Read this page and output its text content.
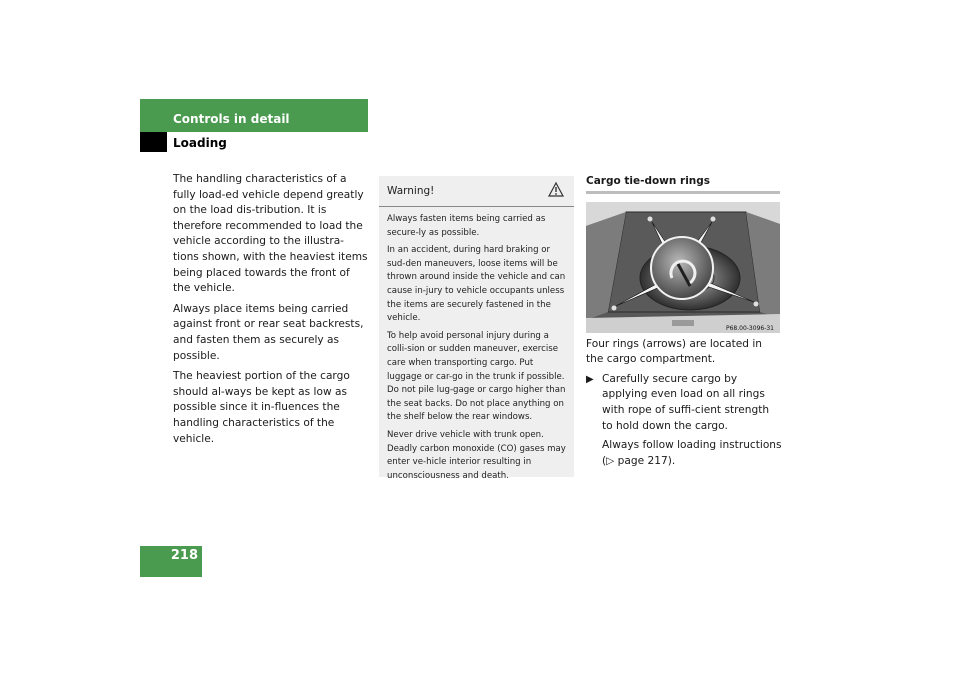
Controls in detail
Loading

The handling characteristics of a fully load-ed vehicle depend greatly on the load dis-tribution. It is therefore recommended to load the vehicle according to the illustra-tions shown, with the heaviest items being placed towards the front of the vehicle.

Always place items being carried against front or rear seat backrests, and fasten them as securely as possible.

The heaviest portion of the cargo should al-ways be kept as low as possible since it in-fluences the handling characteristics of the vehicle.

Warning!

Always fasten items being carried as secure-ly as possible.

In an accident, during hard braking or sud-den maneuvers, loose items will be thrown around inside the vehicle and can cause in-jury to vehicle occupants unless the items are securely fastened in the vehicle.

To help avoid personal injury during a colli-sion or sudden maneuver, exercise care when transporting cargo. Put luggage or car-go in the trunk if possible. Do not pile lug-gage or cargo higher than the seat backs. Do not place anything on the shelf below the rear windows.

Never drive vehicle with trunk open. Deadly carbon monoxide (CO) gases may enter ve-hicle interior resulting in unconsciousness and death.

Cargo tie-down rings
P68.00-3096-31

Four rings (arrows) are located in the cargo compartment.

▶ Carefully secure cargo by applying even load on all rings with rope of suffi-cient strength to hold down the cargo.

Always follow loading instructions
(▷ page 217).

218
